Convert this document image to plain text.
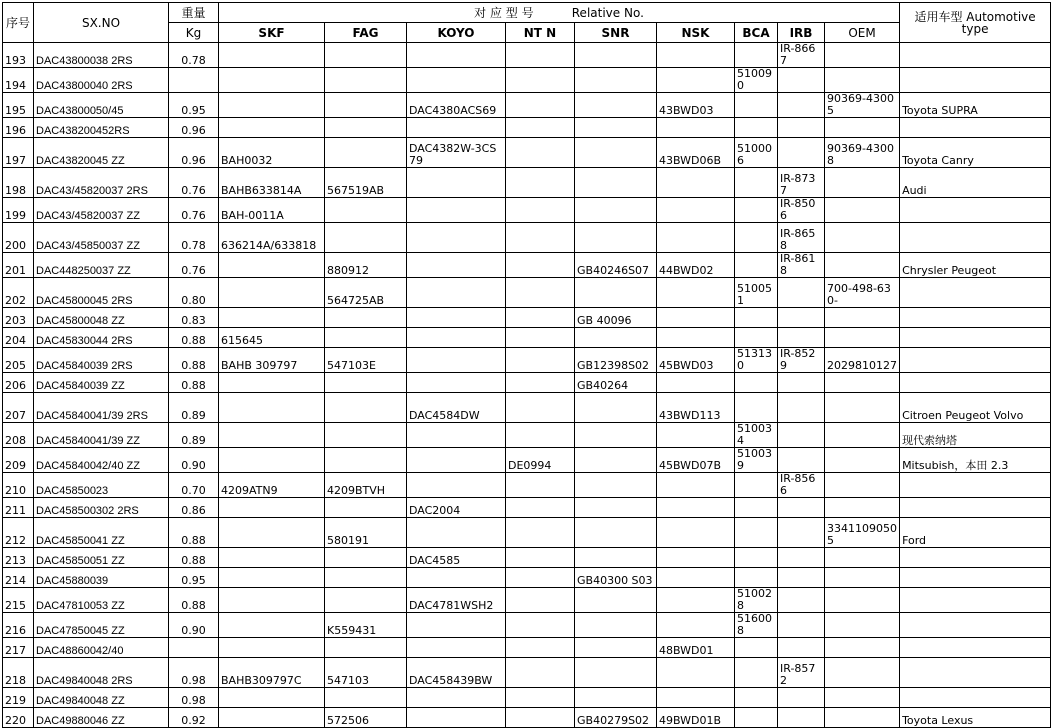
序号	SX.NO	重量	对 应 型 号          Relative No.									适用车型 Automotive type
		Kg	SKF	FAG	KOYO	NT N	SNR	NSK	BCA	IRB	OEM	
193	DAC43800038 2RS	0.78								IR-8667		
194	DAC43800040 2RS								510090			
195	DAC43800050/45	0.95			DAC4380ACS69			43BWD03			90369-43005	Toyota SUPRA
196	DAC438200452RS	0.96										
197	DAC43820045 ZZ	0.96	BAH0032		DAC4382W-3CS79			43BWD06B	510006		90369-43008	Toyota Canry
198	DAC43/45820037 2RS	0.76	BAHB633814A	567519AB						IR-8737		Audi
199	DAC43/45820037 ZZ	0.76	BAH-0011A							IR-8506		
200	DAC43/45850037 ZZ	0.78	636214A/633818							IR-8658		
201	DAC448250037 ZZ	0.76		880912			GB40246S07	44BWD02		IR-8618		Chrysler Peugeot
202	DAC45800045 2RS	0.80		564725AB					510051		700-498-630-	
203	DAC45800048 ZZ	0.83					GB 40096					
204	DAC45830044 2RS	0.88	615645									
205	DAC45840039 2RS	0.88	BAHB 309797	547103E			GB12398S02	45BWD03	513130	IR-8529	2029810127	
206	DAC45840039 ZZ	0.88					GB40264					
207	DAC45840041/39 2RS	0.89			DAC4584DW			43BWD113				Citroen Peugeot Volvo
208	DAC45840041/39 ZZ	0.89							510034			现代索纳塔
209	DAC45840042/40 ZZ	0.90				DE0994		45BWD07B	510039			Mitsubish，本田 2.3
210	DAC45850023	0.70	4209ATN9	4209BTVH						IR-8566		
211	DAC458500302 2RS	0.86			DAC2004							
212	DAC45850041 ZZ	0.88		580191							33411090505	Ford
213	DAC45850051 ZZ	0.88			DAC4585							
214	DAC45880039	0.95					GB40300 S03					
215	DAC47810053 ZZ	0.88			DAC4781WSH2				510028			
216	DAC47850045 ZZ	0.90		K559431					516008			
217	DAC48860042/40							48BWD01				
218	DAC49840048 2RS	0.98	BAHB309797C	547103	DAC458439BW					IR-8572		
219	DAC49840048 ZZ	0.98										
220	DAC49880046 ZZ	0.92		572506			GB40279S02	49BWD01B				Toyota Lexus
